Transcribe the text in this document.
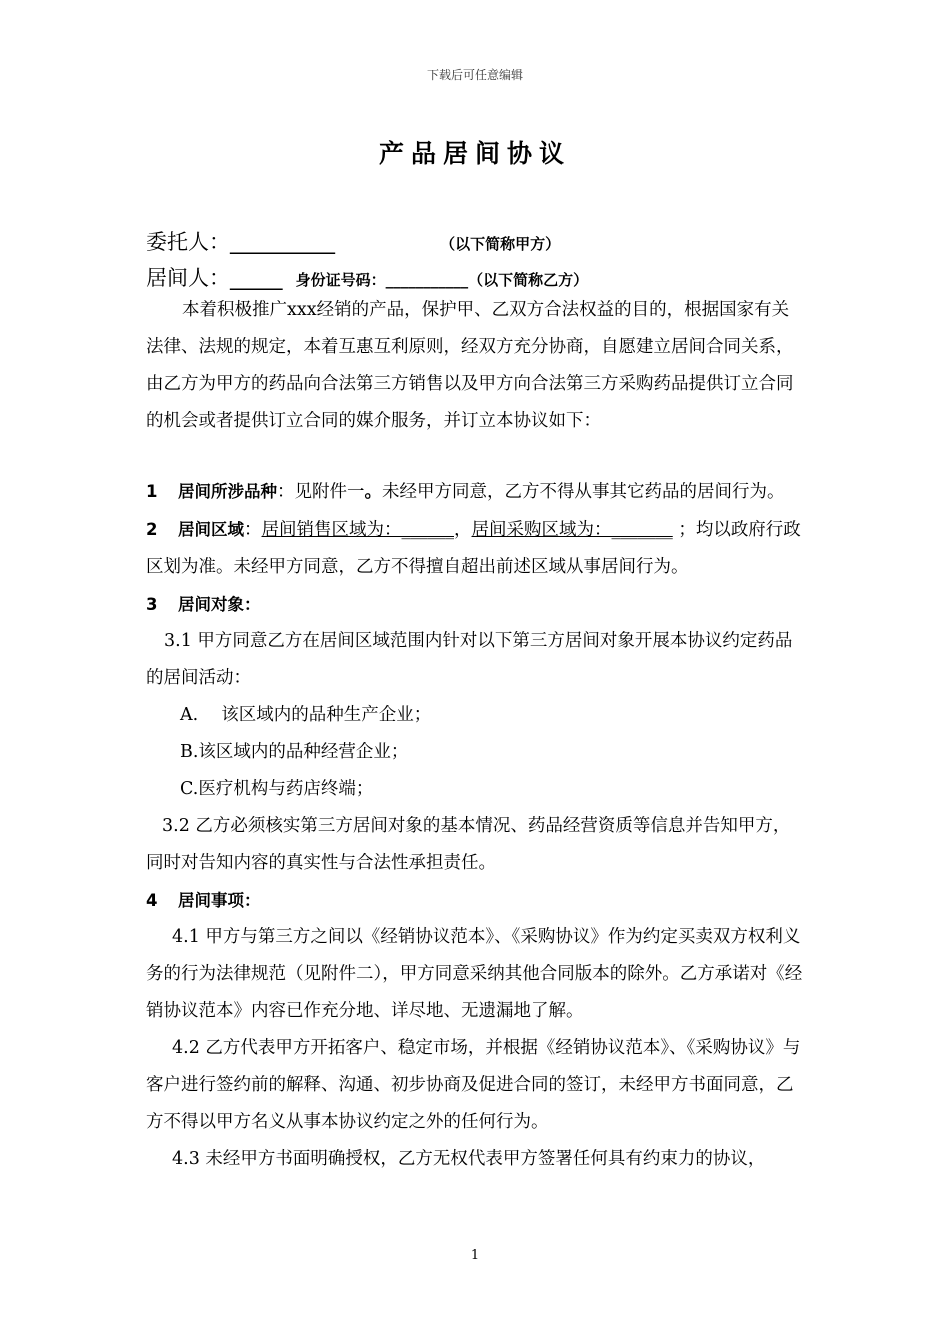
下载后可任意编辑
产品居间协议
委托人：__________	（以下简称甲方）
居间人：_____ 身份证号码：___________（以下简称乙方）

本着积极推广xxx经销的产品，保护甲、乙双方合法权益的目的，根据国家有关法律、法规的规定，本着互惠互利原则，经双方充分协商，自愿建立居间合同关系，由乙方为甲方的药品向合法第三方销售以及甲方向合法第三方采购药品提供订立合同的机会或者提供订立合同的媒介服务，并订立本协议如下：

1 居间所涉品种：见附件一。未经甲方同意，乙方不得从事其它药品的居间行为。

2 居间区域：居间销售区域为：______，居间采购区域为：_______ ；均以政府行政区划为准。未经甲方同意，乙方不得擅自超出前述区域从事居间行为。

3 居间对象：

3.1 甲方同意乙方在居间区域范围内针对以下第三方居间对象开展本协议约定药品的居间活动：

A.　 该区域内的品种生产企业；

B.该区域内的品种经营企业；

C.医疗机构与药店终端；

3.2 乙方必须核实第三方居间对象的基本情况、药品经营资质等信息并告知甲方，同时对告知内容的真实性与合法性承担责任。

4 居间事项：

4.1 甲方与第三方之间以《经销协议范本》、《采购协议》作为约定买卖双方权利义务的行为法律规范（见附件二），甲方同意采纳其他合同版本的除外。乙方承诺对《经销协议范本》内容已作充分地、详尽地、无遗漏地了解。

4.2 乙方代表甲方开拓客户、稳定市场，并根据《经销协议范本》、《采购协议》与客户进行签约前的解释、沟通、初步协商及促进合同的签订，未经甲方书面同意，乙方不得以甲方名义从事本协议约定之外的任何行为。

4.3 未经甲方书面明确授权，乙方无权代表甲方签署任何具有约束力的协议，

1
